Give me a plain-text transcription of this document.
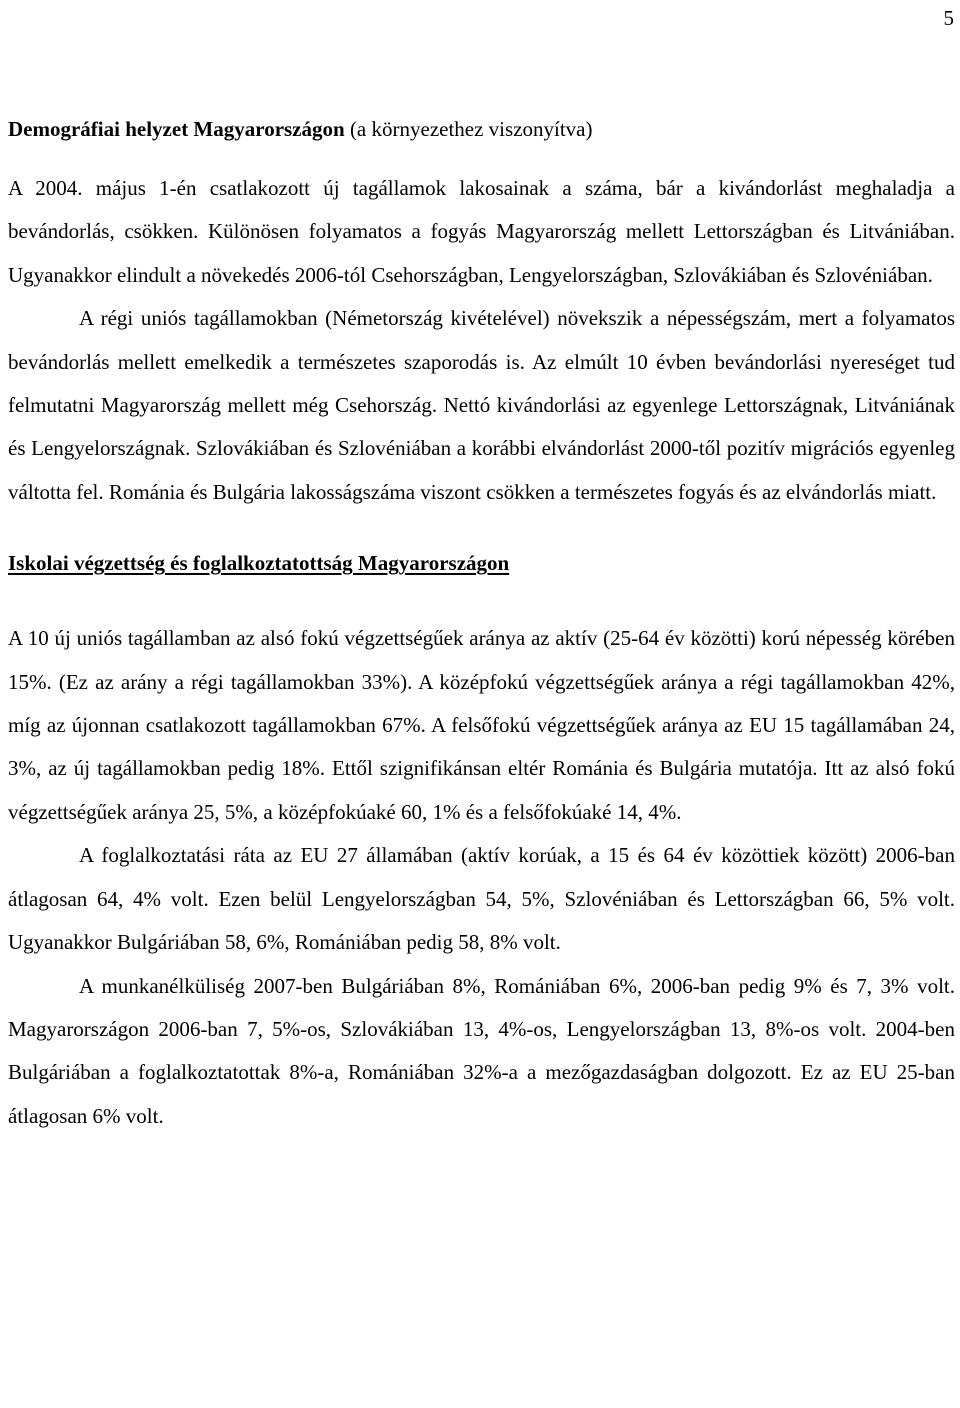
5

Demográfiai helyzet Magyarországon (a környezethez viszonyítva)

A 2004. május 1-én csatlakozott új tagállamok lakosainak a száma, bár a kivándorlást meghaladja a bevándorlás, csökken. Különösen folyamatos a fogyás Magyarország mellett Lettországban és Litvániában. Ugyanakkor elindult a növekedés 2006-tól Csehországban, Lengyelországban, Szlovákiában és Szlovéniában.

A régi uniós tagállamokban (Németország kivételével) növekszik a népességszám, mert a folyamatos bevándorlás mellett emelkedik a természetes szaporodás is. Az elmúlt 10 évben bevándorlási nyereséget tud felmutatni Magyarország mellett még Csehország. Nettó kivándorlási az egyenlege Lettországnak, Litvániának és Lengyelországnak. Szlovákiában és Szlovéniában a korábbi elvándorlást 2000-től pozitív migrációs egyenleg váltotta fel. Románia és Bulgária lakosságszáma viszont csökken a természetes fogyás és az elvándorlás miatt.

Iskolai végzettség és foglalkoztatottság Magyarországon

A 10 új uniós tagállamban az alsó fokú végzettségűek aránya az aktív (25-64 év közötti) korú népesség körében 15%. (Ez az arány a régi tagállamokban 33%). A középfokú végzettségűek aránya a régi tagállamokban 42%, míg az újonnan csatlakozott tagállamokban 67%. A felsőfokú végzettségűek aránya az EU 15 tagállamában 24, 3%, az új tagállamokban pedig 18%. Ettől szignifikánsan eltér Románia és Bulgária mutatója. Itt az alsó fokú végzettségűek aránya 25, 5%, a középfokúaké 60, 1% és a felsőfokúaké 14, 4%.

A foglalkoztatási ráta az EU 27 államában (aktív korúak, a 15 és 64 év közöttiek között) 2006-ban átlagosan 64, 4% volt. Ezen belül Lengyelországban 54, 5%, Szlovéniában és Lettországban 66, 5% volt. Ugyanakkor Bulgáriában 58, 6%, Romániában pedig 58, 8% volt.

A munkanélküliség 2007-ben Bulgáriában 8%, Romániában 6%, 2006-ban pedig 9% és 7, 3% volt. Magyarországon 2006-ban 7, 5%-os, Szlovákiában 13, 4%-os, Lengyelországban 13, 8%-os volt. 2004-ben Bulgáriában a foglalkoztatottak 8%-a, Romániában 32%-a a mezőgazdaságban dolgozott. Ez az EU 25-ban átlagosan 6% volt.
